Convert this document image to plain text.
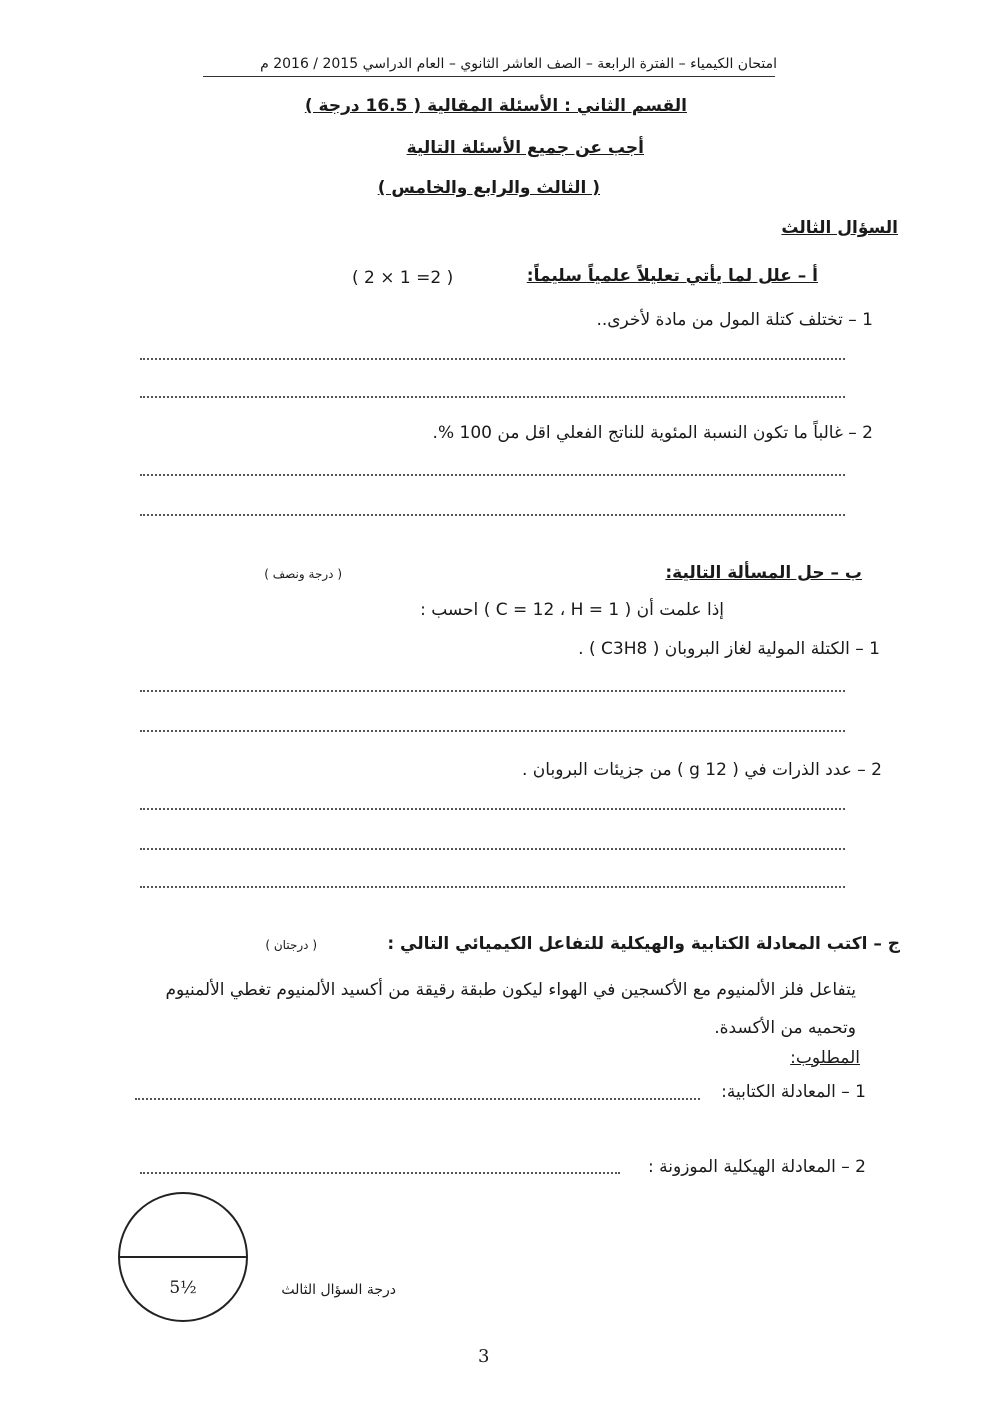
امتحان الكيمياء – الفترة الرابعة – الصف العاشر الثانوي – العام الدراسي 2015 / 2016 م
القسم الثاني : الأسئلة المقالية ( 16.5 درجة )
أجب عن جميع الأسئلة التالية
( الثالث والرابع والخامس )
السؤال الثالث
أ – علل لما يأتي تعليلاً علمياً سليماً:
( 2 × 1 =2 )
1 – تختلف كتلة المول من مادة لأخرى..
2 – غالباً ما تكون النسبة المئوية للناتج الفعلي اقل من 100 %.
ب – حل المسألة التالية:
( درجة ونصف )
إذا علمت أن ( C = 12 ، H = 1 ) احسب :
1 – الكتلة المولية لغاز البروبان ( C3H8 ) .
2 – عدد الذرات في ( 12 g ) من جزيئات البروبان .
ج – اكتب المعادلة الكتابية والهيكلية للتفاعل الكيميائي التالي :
( درجتان )
يتفاعل فلز الألمنيوم مع الأكسجين في الهواء ليكون طبقة رقيقة من أكسيد الألمنيوم تغطي الألمنيوم
وتحميه من الأكسدة.
المطلوب:
1 – المعادلة الكتابية:
2 – المعادلة الهيكلية الموزونة :
5½	درجة السؤال الثالث
3
